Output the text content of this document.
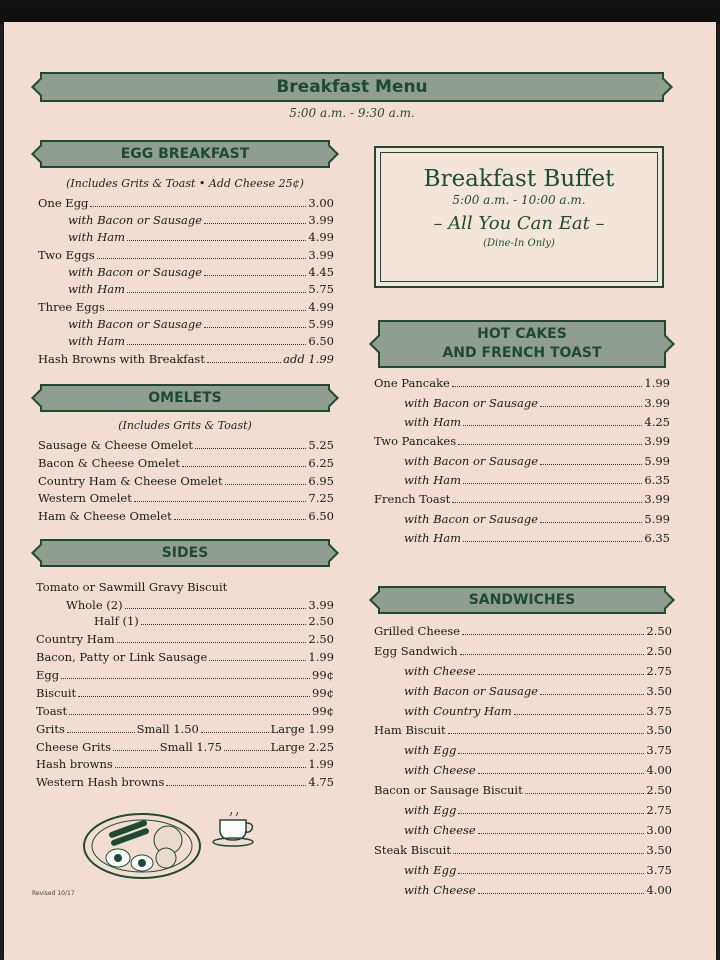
Breakfast Menu
5:00 a.m. - 9:30 a.m.
EGG BREAKFAST
(Includes Grits & Toast • Add Cheese 25¢)
One Egg	3.00
with Bacon or Sausage	3.99
with Ham	4.99
Two Eggs	3.99
with Bacon or Sausage	4.45
with Ham	5.75
Three Eggs	4.99
with Bacon or Sausage	5.99
with Ham	6.50
Hash Browns with Breakfast	add 1.99
OMELETS
(Includes Grits & Toast)
Sausage & Cheese Omelet	5.25
Bacon & Cheese Omelet	6.25
Country Ham & Cheese Omelet	6.95
Western Omelet	7.25
Ham & Cheese Omelet	6.50
SIDES
Tomato or Sawmill Gravy Biscuit
Whole (2)	3.99
Half (1)	2.50
Country Ham	2.50
Bacon, Patty or Link Sausage	1.99
Egg	99¢
Biscuit	99¢
Toast	99¢
Grits	Small 1.50	Large 1.99
Cheese Grits	Small 1.75	Large 2.25
Hash browns	1.99
Western Hash browns	4.75
Revised 10/17
Breakfast Buffet
5:00 a.m. - 10:00 a.m.
– All You Can Eat –
(Dine-In Only)
HOT CAKES
AND FRENCH TOAST
One Pancake	1.99
with Bacon or Sausage	3.99
with Ham	4.25
Two Pancakes	3.99
with Bacon or Sausage	5.99
with Ham	6.35
French Toast	3.99
with Bacon or Sausage	5.99
with Ham	6.35
SANDWICHES
Grilled Cheese	2.50
Egg Sandwich	2.50
with Cheese	2.75
with Bacon or Sausage	3.50
with Country Ham	3.75
Ham Biscuit	3.50
with Egg	3.75
with Cheese	4.00
Bacon or Sausage Biscuit	2.50
with Egg	2.75
with Cheese	3.00
Steak Biscuit	3.50
with Egg	3.75
with Cheese	4.00
